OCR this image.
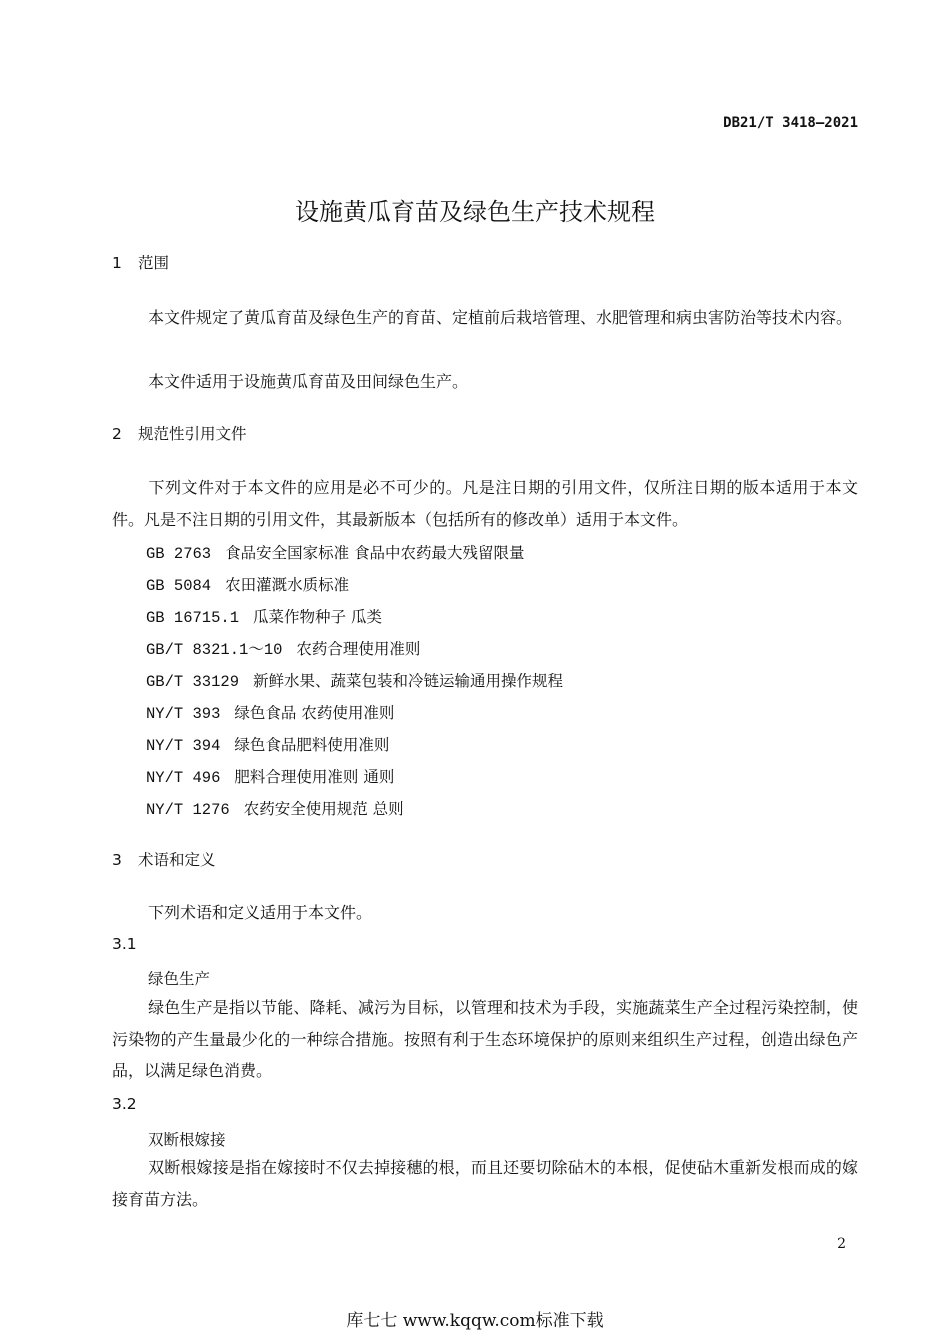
DB21/T 3418—2021
设施黄瓜育苗及绿色生产技术规程
1 范围
本文件规定了黄瓜育苗及绿色生产的育苗、定植前后栽培管理、水肥管理和病虫害防治等技术内容。
本文件适用于设施黄瓜育苗及田间绿色生产。
2 规范性引用文件
下列文件对于本文件的应用是必不可少的。凡是注日期的引用文件，仅所注日期的版本适用于本文件。凡是不注日期的引用文件，其最新版本（包括所有的修改单）适用于本文件。
GB 2763 食品安全国家标准 食品中农药最大残留限量
GB 5084 农田灌溉水质标准
GB 16715.1 瓜菜作物种子 瓜类
GB/T 8321.1～10 农药合理使用准则
GB/T 33129 新鲜水果、蔬菜包装和冷链运输通用操作规程
NY/T 393 绿色食品 农药使用准则
NY/T 394 绿色食品肥料使用准则
NY/T 496 肥料合理使用准则 通则
NY/T 1276 农药安全使用规范 总则
3 术语和定义
下列术语和定义适用于本文件。
3.1
绿色生产
绿色生产是指以节能、降耗、减污为目标，以管理和技术为手段，实施蔬菜生产全过程污染控制，使污染物的产生量最少化的一种综合措施。按照有利于生态环境保护的原则来组织生产过程，创造出绿色产品，以满足绿色消费。
3.2
双断根嫁接
双断根嫁接是指在嫁接时不仅去掉接穗的根，而且还要切除砧木的本根，促使砧木重新发根而成的嫁接育苗方法。
2
库七七 www.kqqw.com标准下载
